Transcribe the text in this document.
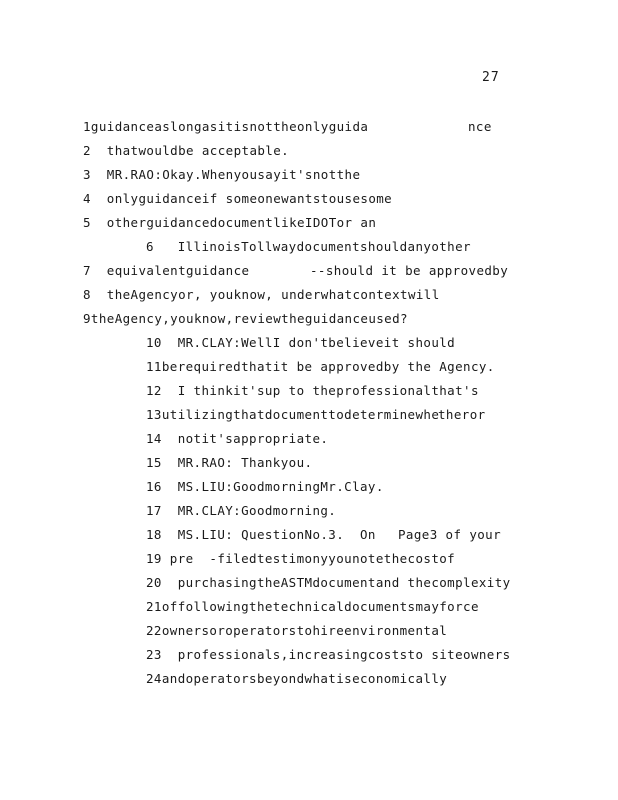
27
1guidanceaslongasitisnottheonlyguida	nce
2  thatwouldbe acceptable.
3  MR.RAO:Okay.Whenyousayit'snotthe
4  onlyguidanceif someonewantstousesome
5  otherguidancedocumentlikeIDOTor an
6   IllinoisTollwaydocumentshouldanyother
7  equivalentguidance	--should it be approvedby
8  theAgencyor, youknow, underwhatcontextwill
9theAgency,youknow,reviewtheguidanceused?
10  MR.CLAY:WellI don'tbelieveit should
11berequiredthatit be approvedby the Agency.
12  I thinkit'sup to theprofessionalthat's
13utilizingthatdocumenttodeterminewhe
theror
14  notit'sappropriate.
15  MR.RAO: Thankyou.
16  MS.LIU:GoodmorningMr.Clay.
17  MR.CLAY:Goodmorning.
18  MS.LIU: QuestionNo.3.  On Page3 of your
19 pre  -filedtestimonyyounotethecostof
20  purchasingtheASTMdocumentand thecomplexity
21offollowingthetechnicaldocumentsmayforce
22ownersoroperatorstohireenvironmental
23  professionals,increasingcoststo siteowners
24andoperatorsbeyondwhatiseconomically
